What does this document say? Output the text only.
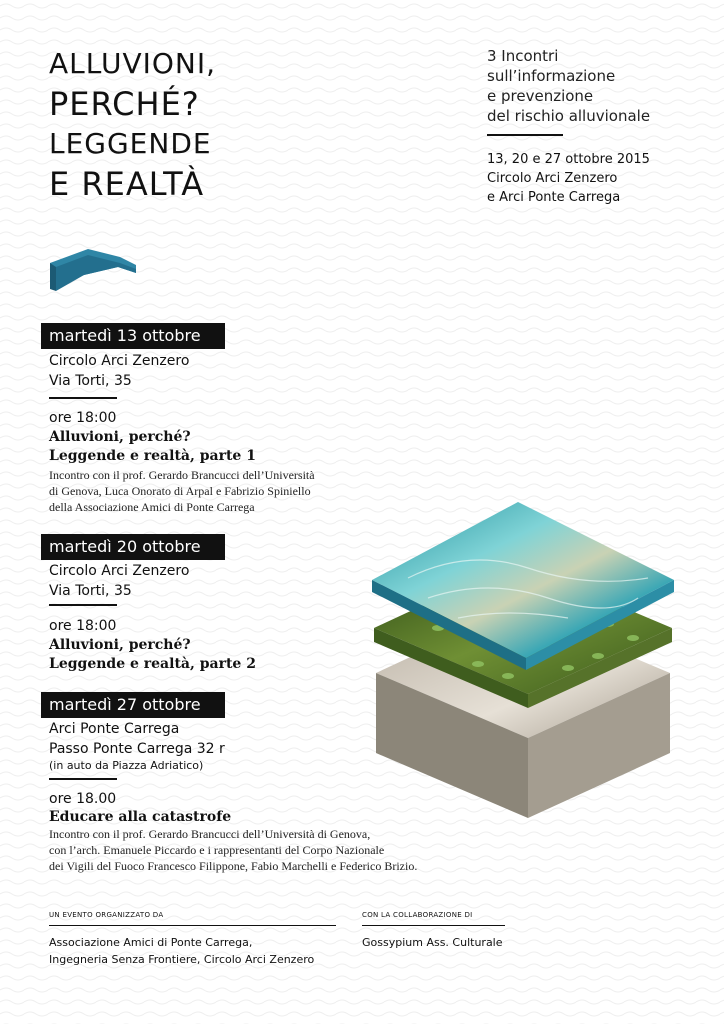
ALLUVIONI,
PERCHÉ?
LEGGENDE
E REALTÀ
3 Incontri
sull’informazione
e prevenzione
del rischio alluvionale
13, 20 e 27 ottobre 2015
Circolo Arci Zenzero
e Arci Ponte Carrega
martedì 13 ottobre
Circolo Arci Zenzero
Via Torti, 35
ore 18:00
Alluvioni, perché?
Leggende e realtà, parte 1
Incontro con il prof. Gerardo Brancucci dell’Università
di Genova, Luca Onorato di Arpal e Fabrizio Spiniello
della Associazione Amici di Ponte Carrega
martedì 20 ottobre
Circolo Arci Zenzero
Via Torti, 35
ore 18:00
Alluvioni, perché?
Leggende e realtà, parte 2
martedì 27 ottobre
Arci Ponte Carrega
Passo Ponte Carrega 32 r
(in auto da Piazza Adriatico)
ore 18.00
Educare alla catastrofe
Incontro con il prof. Gerardo Brancucci dell’Università di Genova,
con l’arch. Emanuele Piccardo e i rappresentanti del Corpo Nazionale
dei Vigili del Fuoco Francesco Filippone, Fabio Marchelli e Federico Brizio.
UN EVENTO ORGANIZZATO DA
Associazione Amici di Ponte Carrega,
Ingegneria Senza Frontiere, Circolo Arci Zenzero
CON LA COLLABORAZIONE DI
Gossypium Ass. Culturale
